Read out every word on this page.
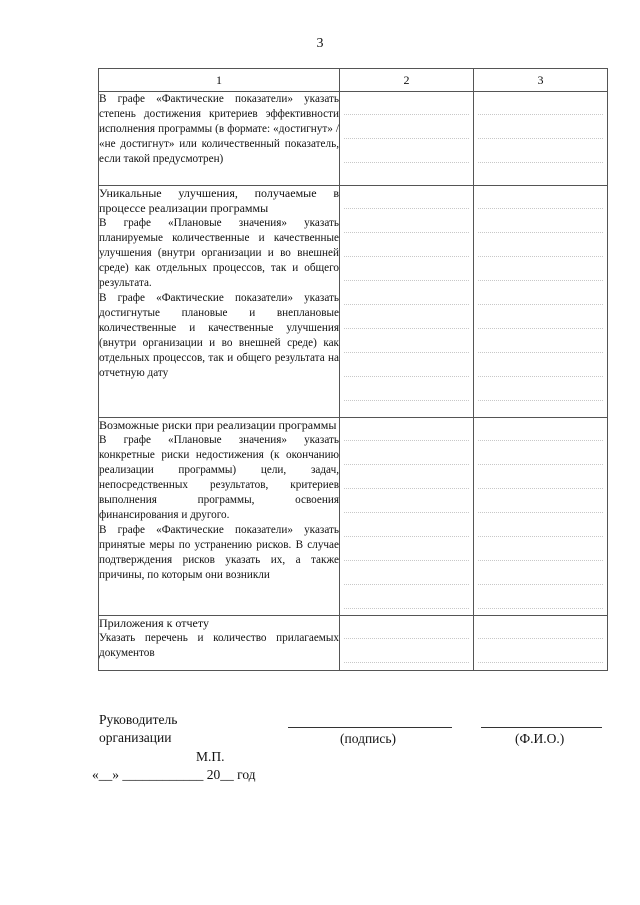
3
1	2	3

В графе «Фактические показатели» указать степень достижения критериев эффективности исполнения программы (в формате: «достигнут» / «не достигнут» или количественный показатель, если такой предусмотрен)		

Уникальные улучшения, получаемые в процессе реализации программы
В графе «Плановые значения» указать планируемые количественные и качественные улучшения (внутри организации и во внешней среде) как отдельных процессов, так и общего результата.
В графе «Фактические показатели» указать достигнутые плановые и внеплановые количественные и качественные улучшения (внутри организации и во внешней среде) как отдельных процессов, так и общего результата на отчетную дату		

Возможные риски при реализации программы
В графе «Плановые значения» указать конкретные риски недостижения (к окончанию реализации программы) цели, задач, непосредственных результатов, критериев выполнения программы, освоения финансирования и другого.
В графе «Фактические показатели» указать принятые меры по устранению рисков. В случае подтверждения рисков указать их, а также причины, по которым они возникли		

Приложения к отчету
Указать перечень и количество прилагаемых документов		

Руководитель
организации
М.П.
«__» ____________ 20__ год
(подпись)	(Ф.И.О.)
